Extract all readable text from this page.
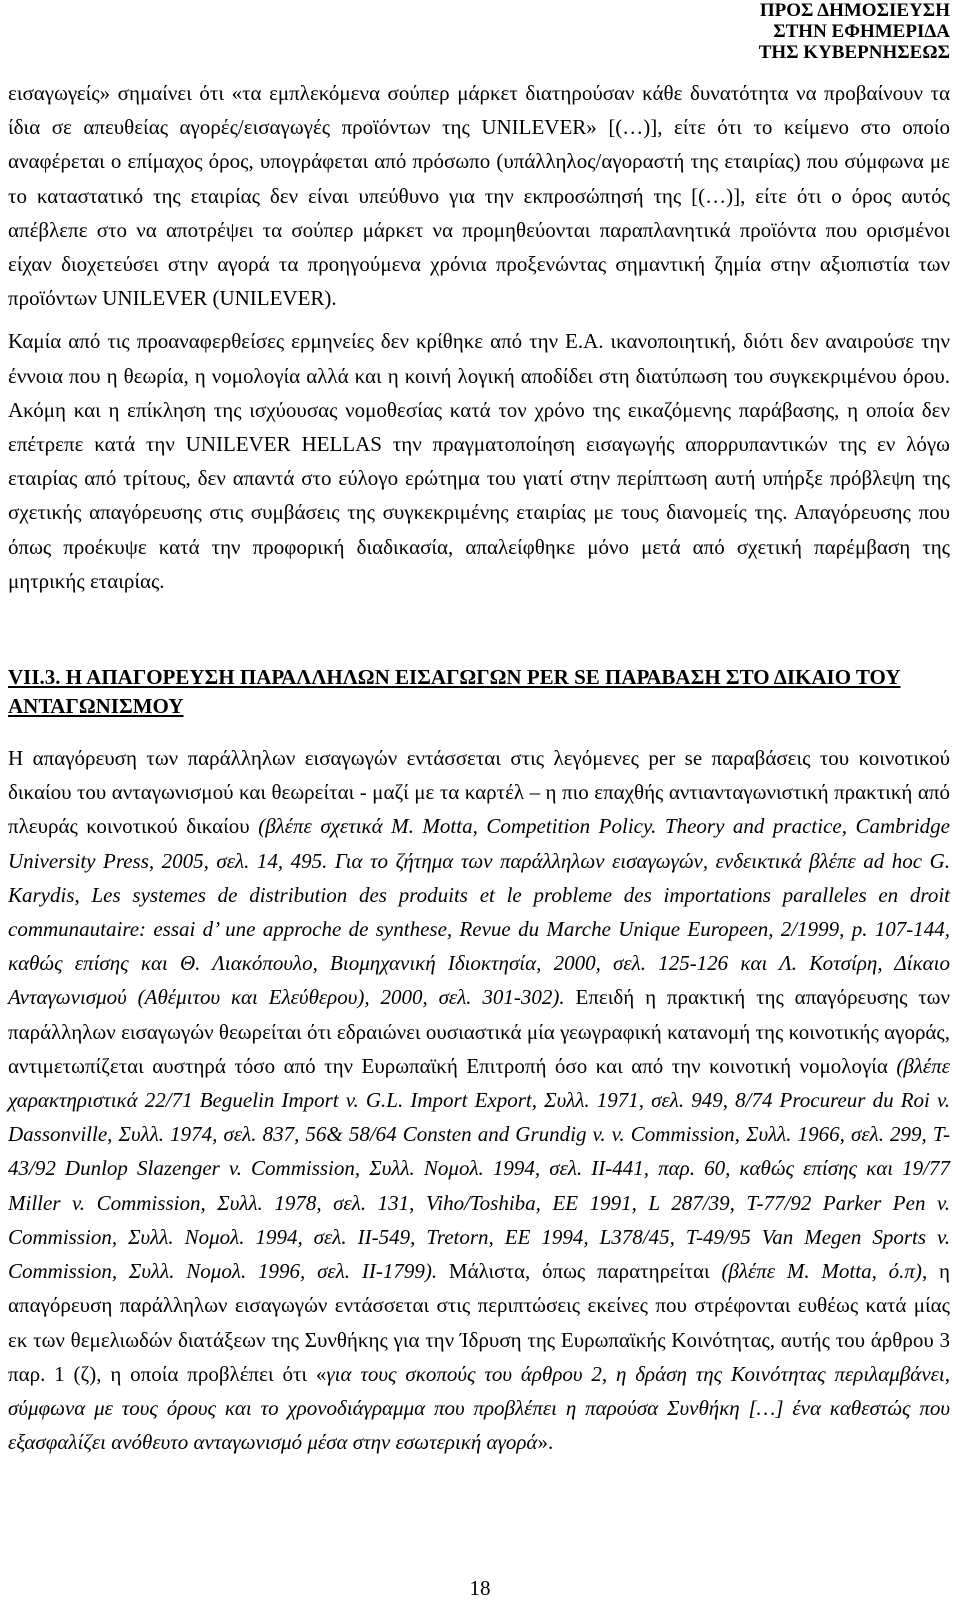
ΠΡΟΣ ΔΗΜΟΣΙΕΥΣΗ
ΣΤΗΝ ΕΦΗΜΕΡΙΔΑ
ΤΗΣ ΚΥΒΕΡΝΗΣΕΩΣ

εισαγωγείς» σημαίνει ότι «τα εμπλεκόμενα σούπερ μάρκετ διατηρούσαν κάθε δυνατότητα να προβαίνουν τα ίδια σε απευθείας αγορές/εισαγωγές προϊόντων της UNILEVER» [(…)], είτε ότι το κείμενο στο οποίο αναφέρεται ο επίμαχος όρος, υπογράφεται από πρόσωπο (υπάλληλος/αγοραστή της εταιρίας) που σύμφωνα με το καταστατικό της εταιρίας δεν είναι υπεύθυνο για την εκπροσώπησή της [(…)], είτε ότι ο όρος αυτός απέβλεπε στο να αποτρέψει τα σούπερ μάρκετ να προμηθεύονται παραπλανητικά προϊόντα που ορισμένοι είχαν διοχετεύσει στην αγορά τα προηγούμενα χρόνια προξενώντας σημαντική ζημία στην αξιοπιστία των προϊόντων UNILEVER (UNILEVER).

Καμία από τις προαναφερθείσες ερμηνείες δεν κρίθηκε από την Ε.Α. ικανοποιητική, διότι δεν αναιρούσε την έννοια που η θεωρία, η νομολογία αλλά και η κοινή λογική αποδίδει στη διατύπωση του συγκεκριμένου όρου. Ακόμη και η επίκληση της ισχύουσας νομοθεσίας κατά τον χρόνο της εικαζόμενης παράβασης, η οποία δεν επέτρεπε κατά την UNILEVER HELLAS την πραγματοποίηση εισαγωγής απορρυπαντικών της εν λόγω εταιρίας από τρίτους, δεν απαντά στο εύλογο ερώτημα του γιατί στην περίπτωση αυτή υπήρξε πρόβλεψη της σχετικής απαγόρευσης στις συμβάσεις της συγκεκριμένης εταιρίας με τους διανομείς της. Απαγόρευσης που όπως προέκυψε κατά την προφορική διαδικασία, απαλείφθηκε μόνο μετά από σχετική παρέμβαση της μητρικής εταιρίας.

VII.3. Η ΑΠΑΓΟΡΕΥΣΗ ΠΑΡΑΛΛΗΛΩΝ ΕΙΣΑΓΩΓΩΝ PER SE ΠΑΡΑΒΑΣΗ ΣΤΟ ΔΙΚΑΙΟ ΤΟΥ ΑΝΤΑΓΩΝΙΣΜΟΥ

Η απαγόρευση των παράλληλων εισαγωγών εντάσσεται στις λεγόμενες per se παραβάσεις του κοινοτικού δικαίου του ανταγωνισμού και θεωρείται - μαζί με τα καρτέλ – η πιο επαχθής αντιανταγωνιστική πρακτική από πλευράς κοινοτικού δικαίου (βλέπε σχετικά M. Motta, Competition Policy. Theory and practice, Cambridge University Press, 2005, σελ. 14, 495. Για το ζήτημα των παράλληλων εισαγωγών, ενδεικτικά βλέπε ad hoc G. Karydis, Les systemes de distribution des produits et le probleme des importations paralleles en droit communautaire: essai d’ une approche de synthese, Revue du Marche Unique Europeen, 2/1999, p. 107-144, καθώς επίσης και Θ. Λιακόπουλο, Βιομηχανική Ιδιοκτησία, 2000, σελ. 125-126 και Λ. Κοτσίρη, Δίκαιο Ανταγωνισμού (Αθέμιτου και Ελεύθερου), 2000, σελ. 301-302). Επειδή η πρακτική της απαγόρευσης των παράλληλων εισαγωγών θεωρείται ότι εδραιώνει ουσιαστικά μία γεωγραφική κατανομή της κοινοτικής αγοράς, αντιμετωπίζεται αυστηρά τόσο από την Ευρωπαϊκή Επιτροπή όσο και από την κοινοτική νομολογία (βλέπε χαρακτηριστικά 22/71 Beguelin Import v. G.L. Import Export, Συλλ. 1971, σελ. 949, 8/74 Procureur du Roi v. Dassonville, Συλλ. 1974, σελ. 837, 56& 58/64 Consten and Grundig v. v. Commission, Συλλ. 1966, σελ. 299, T-43/92 Dunlop Slazenger v. Commission, Συλλ. Νομολ. 1994, σελ. II-441, παρ. 60, καθώς επίσης και 19/77 Miller v. Commission, Συλλ. 1978, σελ. 131, Viho/Toshiba, EE 1991, L 287/39, T-77/92 Parker Pen v. Commission, Συλλ. Νομολ. 1994, σελ. II-549, Tretorn, EE 1994, L378/45, T-49/95 Van Megen Sports v. Commission, Συλλ. Νομολ. 1996, σελ. II-1799). Μάλιστα, όπως παρατηρείται (βλέπε M. Motta, ό.π), η απαγόρευση παράλληλων εισαγωγών εντάσσεται στις περιπτώσεις εκείνες που στρέφονται ευθέως κατά μίας εκ των θεμελιωδών διατάξεων της Συνθήκης για την Ίδρυση της Ευρωπαϊκής Κοινότητας, αυτής του άρθρου 3 παρ. 1 (ζ), η οποία προβλέπει ότι «για τους σκοπούς του άρθρου 2, η δράση της Κοινότητας περιλαμβάνει, σύμφωνα με τους όρους και το χρονοδιάγραμμα που προβλέπει η παρούσα Συνθήκη […] ένα καθεστώς που εξασφαλίζει ανόθευτο ανταγωνισμό μέσα στην εσωτερική αγορά».

18
